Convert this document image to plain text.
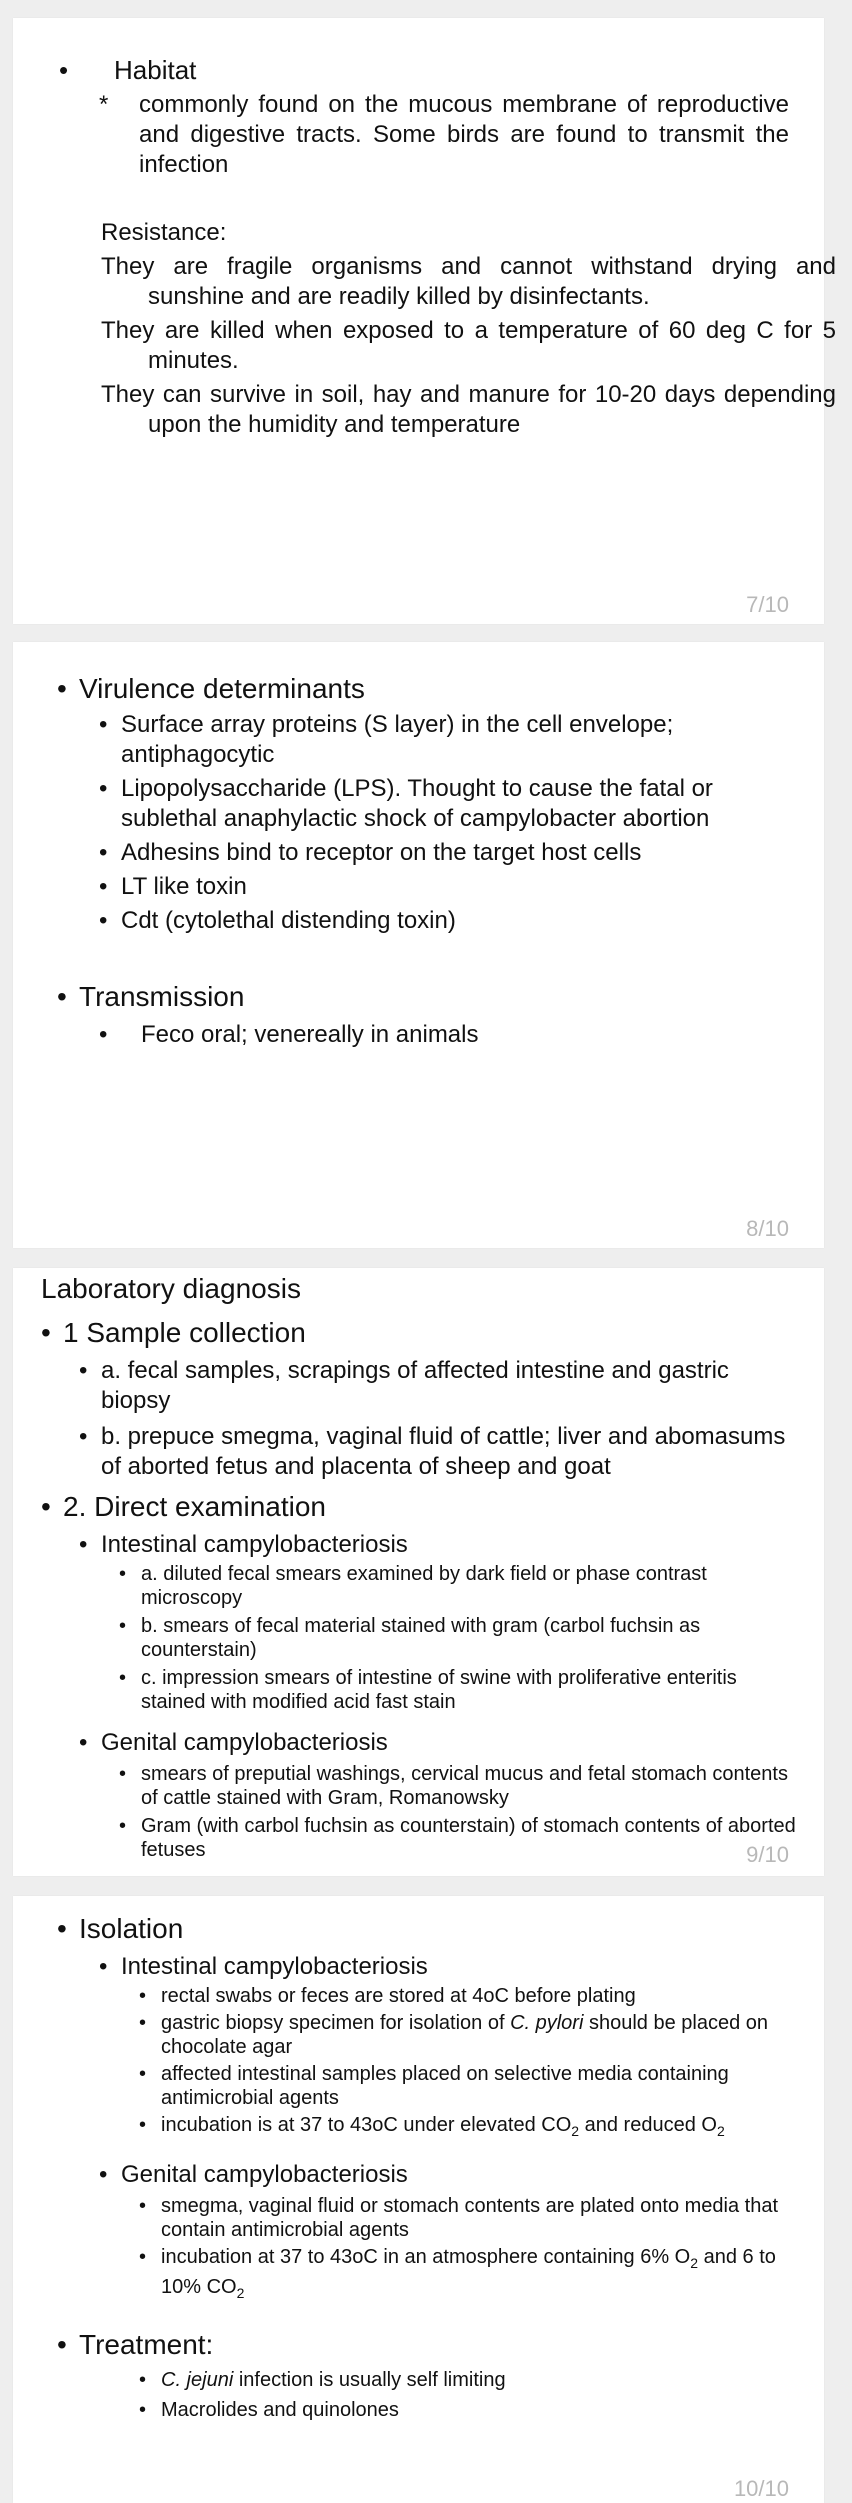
•	Habitat
*	commonly found on the mucous membrane of reproductive and digestive tracts. Some birds are found to transmit the infection
Resistance:
They are fragile organisms and cannot withstand drying and sunshine and are readily killed by disinfectants.
They are killed when exposed to a temperature of 60 deg C for 5 minutes.
They can survive in soil, hay and manure for 10-20 days depending upon the humidity and temperature
7/10
• Virulence determinants
• Surface array proteins (S layer) in the cell envelope; antiphagocytic
• Lipopolysaccharide (LPS). Thought to cause the fatal or sublethal anaphylactic shock of campylobacter abortion
• Adhesins bind to receptor on the target host cells
• LT like toxin
• Cdt (cytolethal distending toxin)
• Transmission
•	Feco oral; venereally in animals
8/10
Laboratory diagnosis
• 1 Sample collection
• a. fecal samples, scrapings of affected intestine and gastric biopsy
• b. prepuce smegma, vaginal fluid of cattle; liver and abomasums of aborted fetus and placenta of sheep and goat
• 2. Direct examination
• Intestinal campylobacteriosis
• a. diluted fecal smears examined by dark field or phase contrast microscopy
• b. smears of fecal material stained with gram (carbol fuchsin as counterstain)
• c. impression smears of intestine of swine with proliferative enteritis stained with modified acid fast stain
• Genital campylobacteriosis
• smears of preputial washings, cervical mucus and fetal stomach contents of cattle stained with Gram, Romanowsky
• Gram (with carbol fuchsin as counterstain) of stomach contents of aborted fetuses	9/10
• Isolation
• Intestinal campylobacteriosis
• rectal swabs or feces are stored at 4oC before plating
• gastric biopsy specimen for isolation of C. pylori should be placed on chocolate agar
• affected intestinal samples placed on selective media containing antimicrobial agents
• incubation is at 37 to 43oC under elevated $CO_2$ and reduced $O_2$
• Genital campylobacteriosis
• smegma, vaginal fluid or stomach contents are plated onto media that contain antimicrobial agents
• incubation at 37 to 43oC in an atmosphere containing 6% $O_2$ and 6 to 10% $CO_2$
• Treatment:
• C. jejuni infection is usually self limiting
• Macrolides and quinolones
10/10
